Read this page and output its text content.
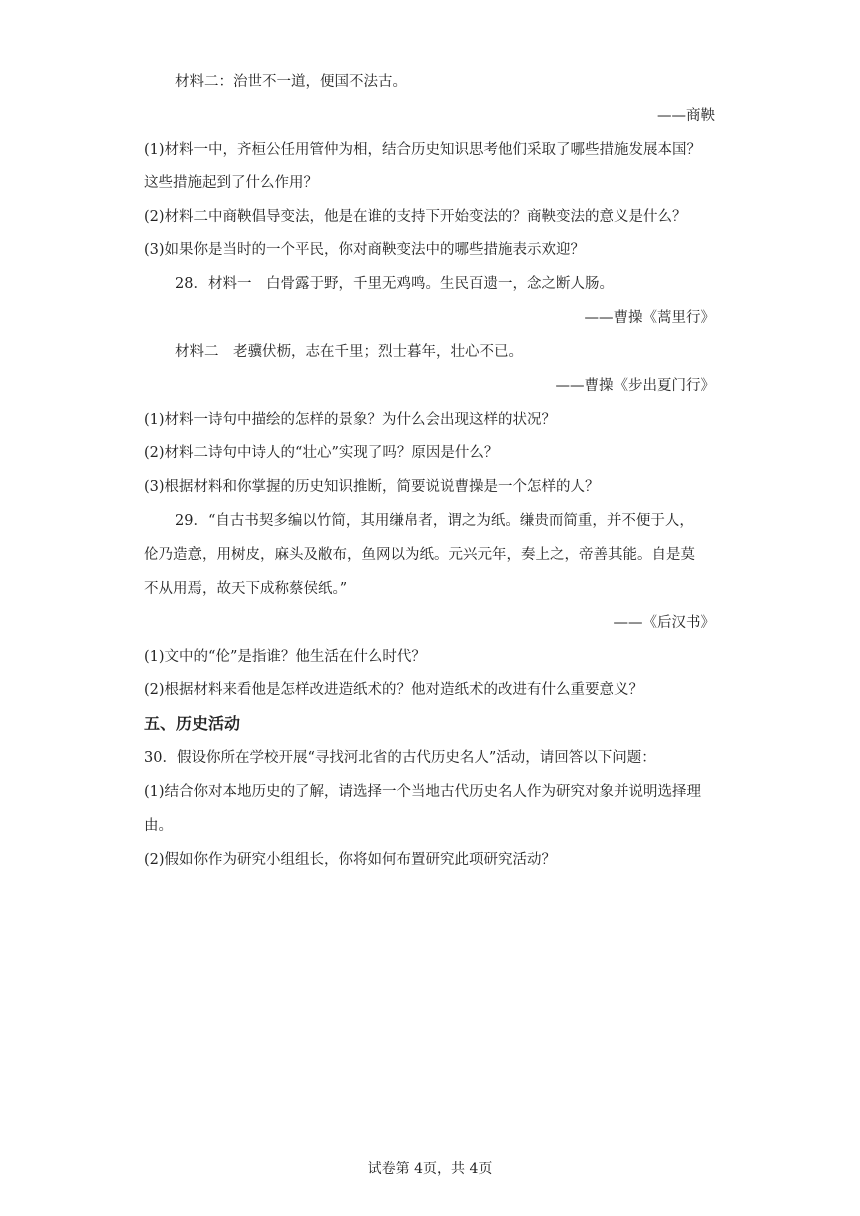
材料二：治世不一道，便国不法古。
——商鞅
(1)材料一中，齐桓公任用管仲为相，结合历史知识思考他们采取了哪些措施发展本国？
这些措施起到了什么作用？
(2)材料二中商鞅倡导变法，他是在谁的支持下开始变法的？商鞅变法的意义是什么？
(3)如果你是当时的一个平民，你对商鞅变法中的哪些措施表示欢迎？
28．材料一　白骨露于野，千里无鸡鸣。生民百遗一，念之断人肠。
——曹操《蒿里行》
材料二　老骥伏枥，志在千里；烈士暮年，壮心不已。
——曹操《步出夏门行》
(1)材料一诗句中描绘的怎样的景象？为什么会出现这样的状况？
(2)材料二诗句中诗人的“壮心”实现了吗？原因是什么？
(3)根据材料和你掌握的历史知识推断，简要说说曹操是一个怎样的人？
29．“自古书契多编以竹简，其用缣帛者，谓之为纸。缣贵而简重，并不便于人，
伦乃造意，用树皮，麻头及敝布，鱼网以为纸。元兴元年，奏上之，帝善其能。自是莫
不从用焉，故天下成称蔡侯纸。”
——《后汉书》
(1)文中的“伦”是指谁？他生活在什么时代？
(2)根据材料来看他是怎样改进造纸术的？他对造纸术的改进有什么重要意义？
五、历史活动
30．假设你所在学校开展“寻找河北省的古代历史名人”活动，请回答以下问题：
(1)结合你对本地历史的了解，请选择一个当地古代历史名人作为研究对象并说明选择理
由。
(2)假如你作为研究小组组长，你将如何布置研究此项研究活动？
试卷第 4页，共 4页
